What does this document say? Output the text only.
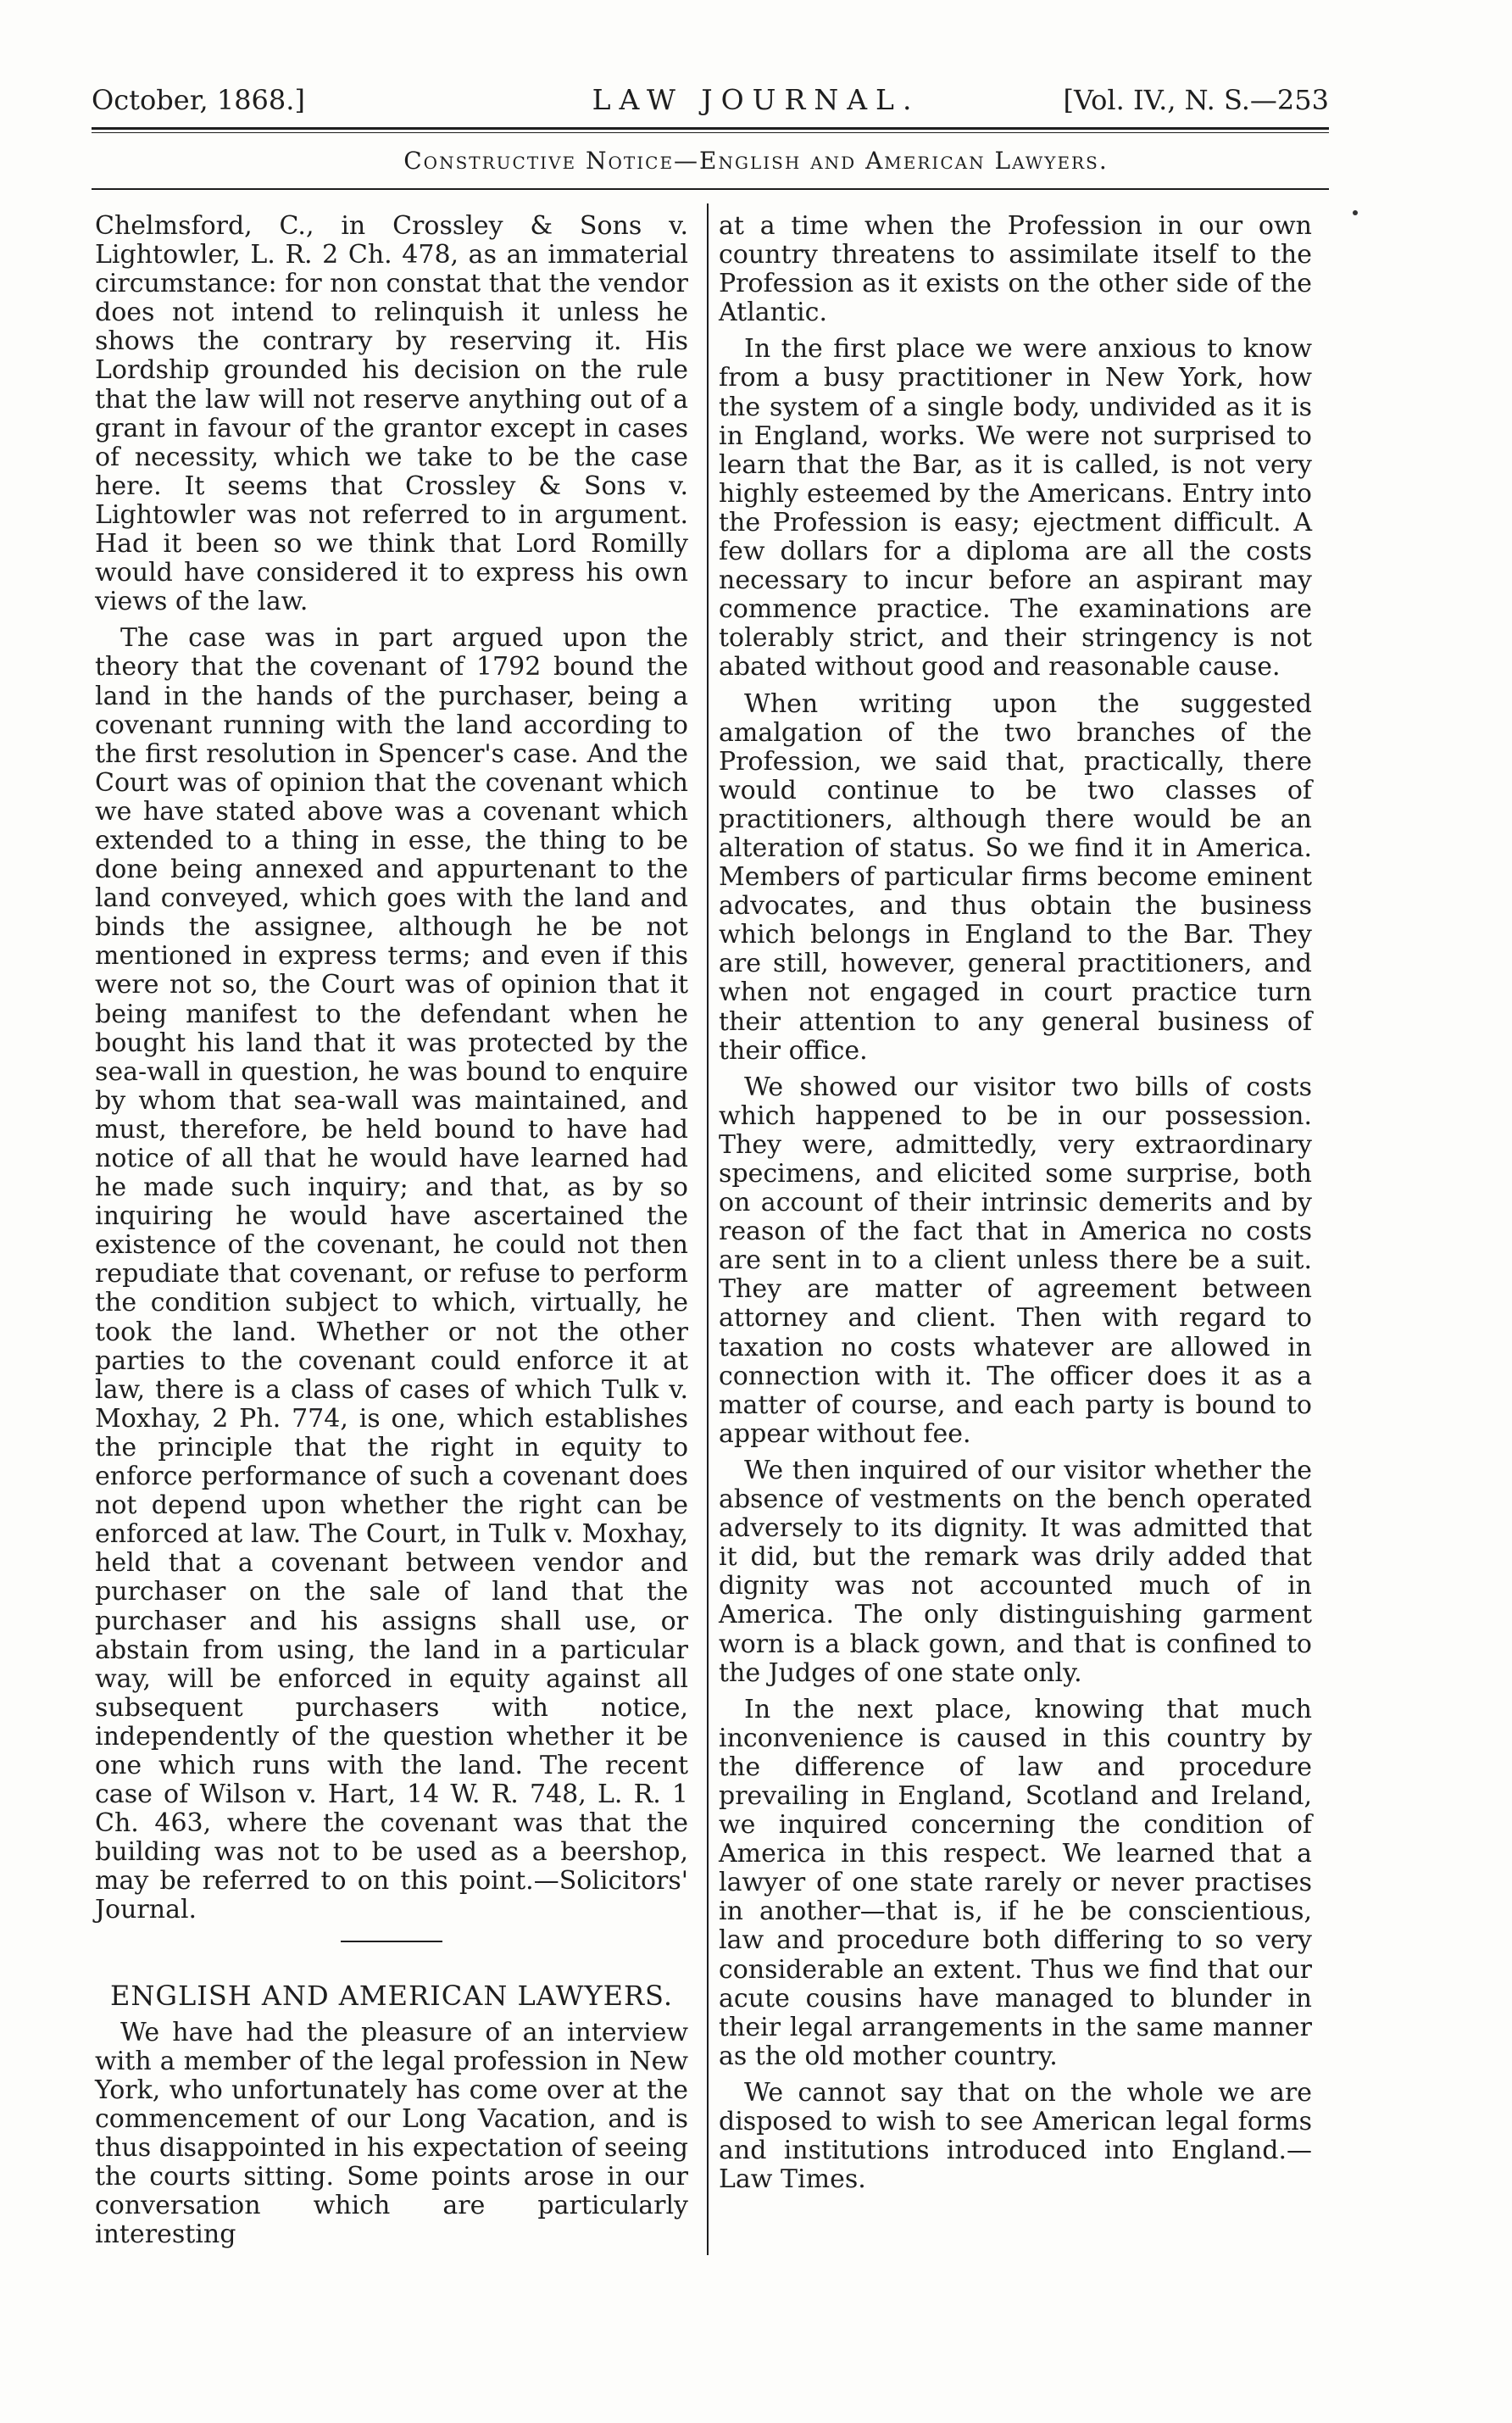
October, 1868.]	LAW JOURNAL.	[Vol. IV., N. S.—253
Constructive Notice—English and American Lawyers.

Chelmsford, C., in Crossley & Sons v. Lightowler, L. R. 2 Ch. 478, as an immaterial circumstance: for non constat that the vendor does not intend to relinquish it unless he shows the contrary by reserving it. His Lordship grounded his decision on the rule that the law will not reserve anything out of a grant in favour of the grantor except in cases of necessity, which we take to be the case here. It seems that Crossley & Sons v. Lightowler was not referred to in argument. Had it been so we think that Lord Romilly would have considered it to express his own views of the law.

The case was in part argued upon the theory that the covenant of 1792 bound the land in the hands of the purchaser, being a covenant running with the land according to the first resolution in Spencer's case. And the Court was of opinion that the covenant which we have stated above was a covenant which extended to a thing in esse, the thing to be done being annexed and appurtenant to the land conveyed, which goes with the land and binds the assignee, although he be not mentioned in express terms; and even if this were not so, the Court was of opinion that it being manifest to the defendant when he bought his land that it was protected by the sea-wall in question, he was bound to enquire by whom that sea-wall was maintained, and must, therefore, be held bound to have had notice of all that he would have learned had he made such inquiry; and that, as by so inquiring he would have ascertained the existence of the covenant, he could not then repudiate that covenant, or refuse to perform the condition subject to which, virtually, he took the land. Whether or not the other parties to the covenant could enforce it at law, there is a class of cases of which Tulk v. Moxhay, 2 Ph. 774, is one, which establishes the principle that the right in equity to enforce performance of such a covenant does not depend upon whether the right can be enforced at law. The Court, in Tulk v. Moxhay, held that a covenant between vendor and purchaser on the sale of land that the purchaser and his assigns shall use, or abstain from using, the land in a particular way, will be enforced in equity against all subsequent purchasers with notice, independently of the question whether it be one which runs with the land. The recent case of Wilson v. Hart, 14 W. R. 748, L. R. 1 Ch. 463, where the covenant was that the building was not to be used as a beershop, may be referred to on this point.—Solicitors' Journal.

ENGLISH AND AMERICAN LAWYERS.

We have had the pleasure of an interview with a member of the legal profession in New York, who unfortunately has come over at the commencement of our Long Vacation, and is thus disappointed in his expectation of seeing the courts sitting. Some points arose in our conversation which are particularly interesting

at a time when the Profession in our own country threatens to assimilate itself to the Profession as it exists on the other side of the Atlantic.

In the first place we were anxious to know from a busy practitioner in New York, how the system of a single body, undivided as it is in England, works. We were not surprised to learn that the Bar, as it is called, is not very highly esteemed by the Americans. Entry into the Profession is easy; ejectment difficult. A few dollars for a diploma are all the costs necessary to incur before an aspirant may commence practice. The examinations are tolerably strict, and their stringency is not abated without good and reasonable cause.

When writing upon the suggested amalgation of the two branches of the Profession, we said that, practically, there would continue to be two classes of practitioners, although there would be an alteration of status. So we find it in America. Members of particular firms become eminent advocates, and thus obtain the business which belongs in England to the Bar. They are still, however, general practitioners, and when not engaged in court practice turn their attention to any general business of their office.

We showed our visitor two bills of costs which happened to be in our possession. They were, admittedly, very extraordinary specimens, and elicited some surprise, both on account of their intrinsic demerits and by reason of the fact that in America no costs are sent in to a client unless there be a suit. They are matter of agreement between attorney and client. Then with regard to taxation no costs whatever are allowed in connection with it. The officer does it as a matter of course, and each party is bound to appear without fee.

We then inquired of our visitor whether the absence of vestments on the bench operated adversely to its dignity. It was admitted that it did, but the remark was drily added that dignity was not accounted much of in America. The only distinguishing garment worn is a black gown, and that is confined to the Judges of one state only.

In the next place, knowing that much inconvenience is caused in this country by the difference of law and procedure prevailing in England, Scotland and Ireland, we inquired concerning the condition of America in this respect. We learned that a lawyer of one state rarely or never practises in another—that is, if he be conscientious, law and procedure both differing to so very considerable an extent. Thus we find that our acute cousins have managed to blunder in their legal arrangements in the same manner as the old mother country.

We cannot say that on the whole we are disposed to wish to see American legal forms and institutions introduced into England.—Law Times.
